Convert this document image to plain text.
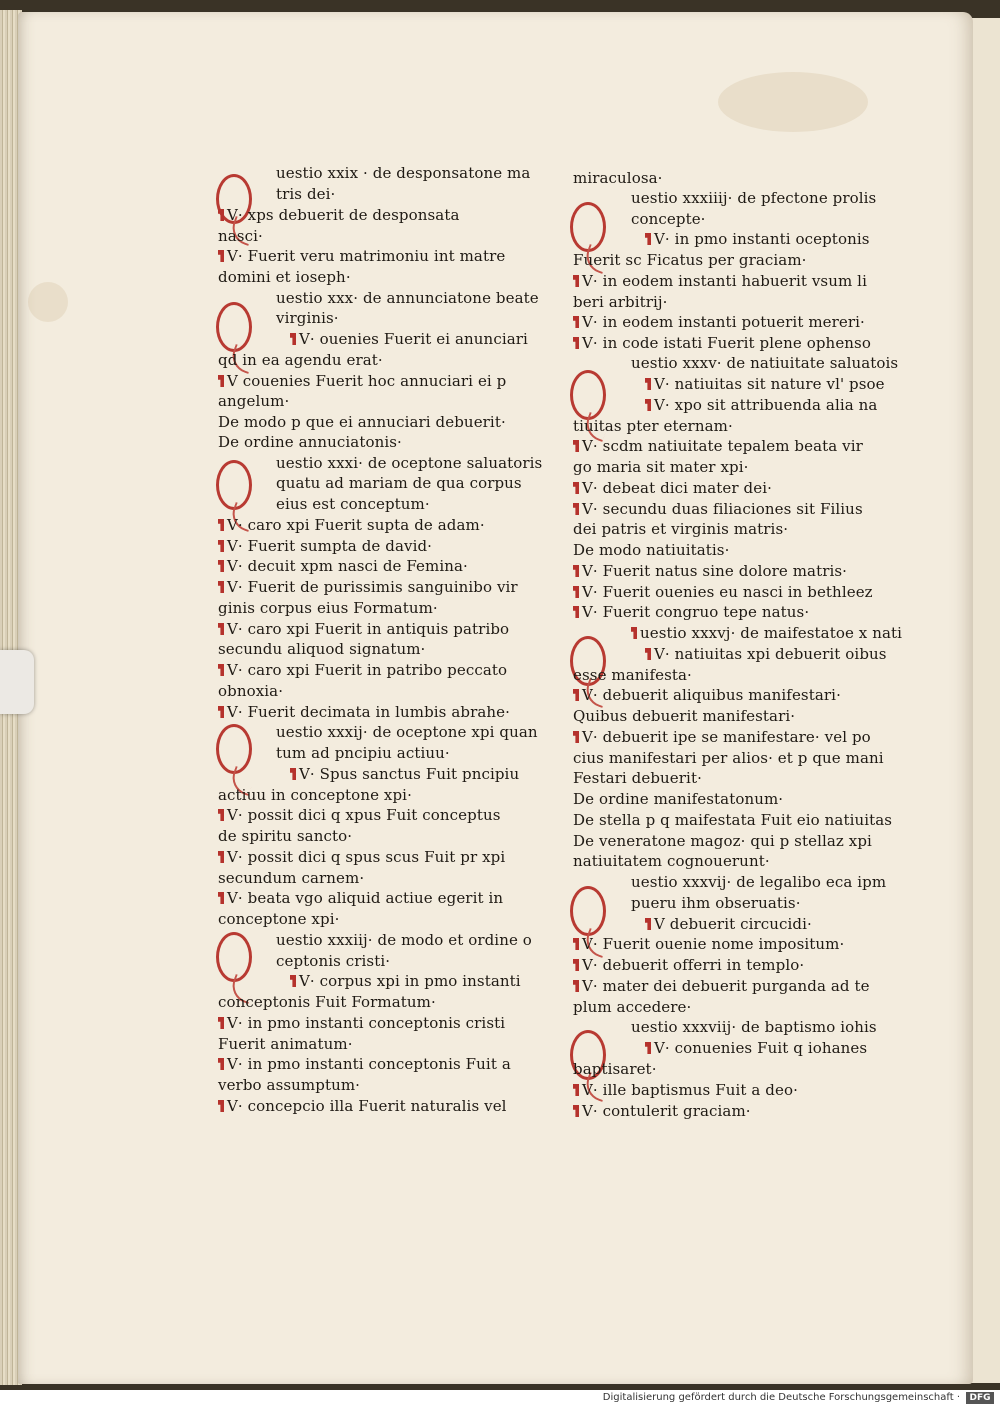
uestio xxix · de desponsatone ma
tris dei·
V· xps debuerit de desponsata
nasci·
V· Fuerit veru matrimoniu int matre
domini et ioseph·
uestio xxx· de annunciatone beate
virginis·
V· ouenies Fuerit ei anunciari
qd in ea agendu erat·
V couenies Fuerit hoc annuciari ei p
angelum·
De modo p que ei annuciari debuerit·
De ordine annuciatonis·
uestio xxxi· de oceptone saluatoris
quatu ad mariam de qua corpus
eius est conceptum·
V· caro xpi Fuerit supta de adam·
V· Fuerit sumpta de david·
V· decuit xpm nasci de Femina·
V· Fuerit de purissimis sanguinibo vir
ginis corpus eius Formatum·
V· caro xpi Fuerit in antiquis patribo
secundu aliquod signatum·
V· caro xpi Fuerit in patribo peccato
obnoxia·
V· Fuerit decimata in lumbis abrahe·
uestio xxxij· de oceptone xpi quan
tum ad pncipiu actiuu·
V· Spus sanctus Fuit pncipiu
actiuu in conceptone xpi·
V· possit dici q xpus Fuit conceptus
de spiritu sancto·
V· possit dici q spus scus Fuit pr xpi
secundum carnem·
V· beata vgo aliquid actiue egerit in
conceptone xpi·
uestio xxxiij· de modo et ordine o
ceptonis cristi·
V· corpus xpi in pmo instanti
conceptonis Fuit Formatum·
V· in pmo instanti conceptonis cristi
Fuerit animatum·
V· in pmo instanti conceptonis Fuit a
verbo assumptum·
V· concepcio illa Fuerit naturalis vel
miraculosa·
uestio xxxiiij· de pfectone prolis
concepte·
V· in pmo instanti oceptonis
Fuerit sc Ficatus per graciam·
V· in eodem instanti habuerit vsum li
beri arbitrij·
V· in eodem instanti potuerit mereri·
V· in code istati Fuerit plene ophenso
uestio xxxv· de natiuitate saluatois
V· natiuitas sit nature vl' psoe
V· xpo sit attribuenda alia na
tiuitas pter eternam·
V· scdm natiuitate tepalem beata vir
go maria sit mater xpi·
V· debeat dici mater dei·
V· secundu duas filiaciones sit Filius
dei patris et virginis matris·
De modo natiuitatis·
V· Fuerit natus sine dolore matris·
V· Fuerit ouenies eu nasci in bethleez
V· Fuerit congruo tepe natus·
uestio xxxvj· de maifestatoe x nati
V· natiuitas xpi debuerit oibus
esse manifesta·
V· debuerit aliquibus manifestari·
Quibus debuerit manifestari·
V· debuerit ipe se manifestare· vel po
cius manifestari per alios· et p que mani
Festari debuerit·
De ordine manifestatonum·
De stella p q maifestata Fuit eio natiuitas
De veneratone magoz· qui p stellaz xpi
natiuitatem cognouerunt·
uestio xxxvij· de legalibo eca ipm
pueru ihm obseruatis·
V debuerit circucidi·
V· Fuerit ouenie nome impositum·
V· debuerit offerri in templo·
V· mater dei debuerit purganda ad te
plum accedere·
uestio xxxviij· de baptismo iohis
V· conuenies Fuit q iohanes
baptisaret·
V· ille baptismus Fuit a deo·
V· contulerit graciam·
Digitalisierung gefördert durch die Deutsche Forschungsgemeinschaft ·	DFG
